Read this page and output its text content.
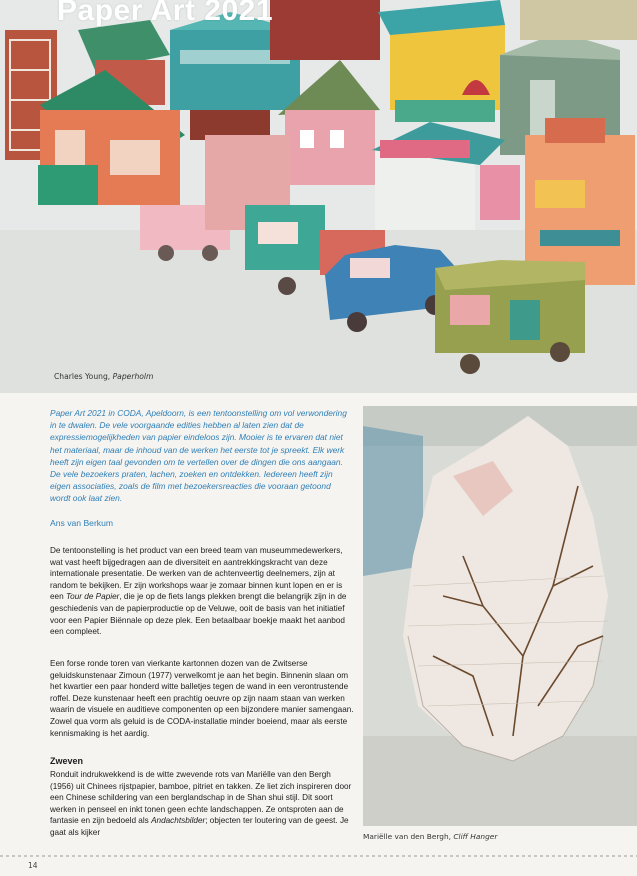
Paper Art 2021
Charles Young, Paperholm
Paper Art 2021 in CODA, Apeldoorn, is een tentoonstelling om vol verwondering in te dwalen. De vele voorgaande edities hebben al laten zien dat de expressiemogelijkheden van papier eindeloos zijn. Mooier is te ervaren dat niet het materiaal, maar de inhoud van de werken het eerste tot je spreekt. Elk werk heeft zijn eigen taal gevonden om te vertellen over de dingen die ons aangaan. De vele bezoekers praten, lachen, zoeken en ontdekken. Iedereen heeft zijn eigen associaties, zoals de film met bezoekersreacties die vooraan getoond wordt ook laat zien.
Ans van Berkum

De tentoonstelling is het product van een breed team van museummedewerkers, wat vast heeft bijgedragen aan de diversiteit en aantrekkingskracht van deze internationale presentatie. De werken van de achtenveertig deelnemers, zijn at random te bekijken. Er zijn workshops waar je zomaar binnen kunt lopen en er is een Tour de Papier, die je op de fiets langs plekken brengt die belangrijk zijn in de geschiedenis van de papierproductie op de Veluwe, ooit de basis van het initiatief voor een Papier Biënnale op deze plek. Een betaalbaar boekje maakt het aanbod een compleet.

Een forse ronde toren van vierkante kartonnen dozen van de Zwitserse geluidskunstenaar Zimoun (1977) verwelkomt je aan het begin. Binnenin slaan om het kwartier een paar honderd witte balletjes tegen de wand in een verontrustende roffel. Deze kunstenaar heeft een prachtig oeuvre op zijn naam staan van werken waarin de visuele en auditieve componenten op een bijzondere manier samengaan. Zowel qua vorm als geluid is de CODA-installatie minder boeiend, maar als eerste kennismaking is het aardig.

Zweven

Ronduit indrukwekkend is de witte zwevende rots van Mariëlle van den Bergh (1956) uit Chinees rijstpapier, bamboe, pitriet en takken. Ze liet zich inspireren door een Chinese schildering van een berglandschap in de Shan shui stijl. Dit soort werken in penseel en inkt tonen geen echte landschappen. Ze ontsproten aan de fantasie en zijn bedoeld als Andachtsbilder; objecten ter loutering van de geest. Je gaat als kijker	Mariëlle van den Bergh, Cliff Hanger
14
